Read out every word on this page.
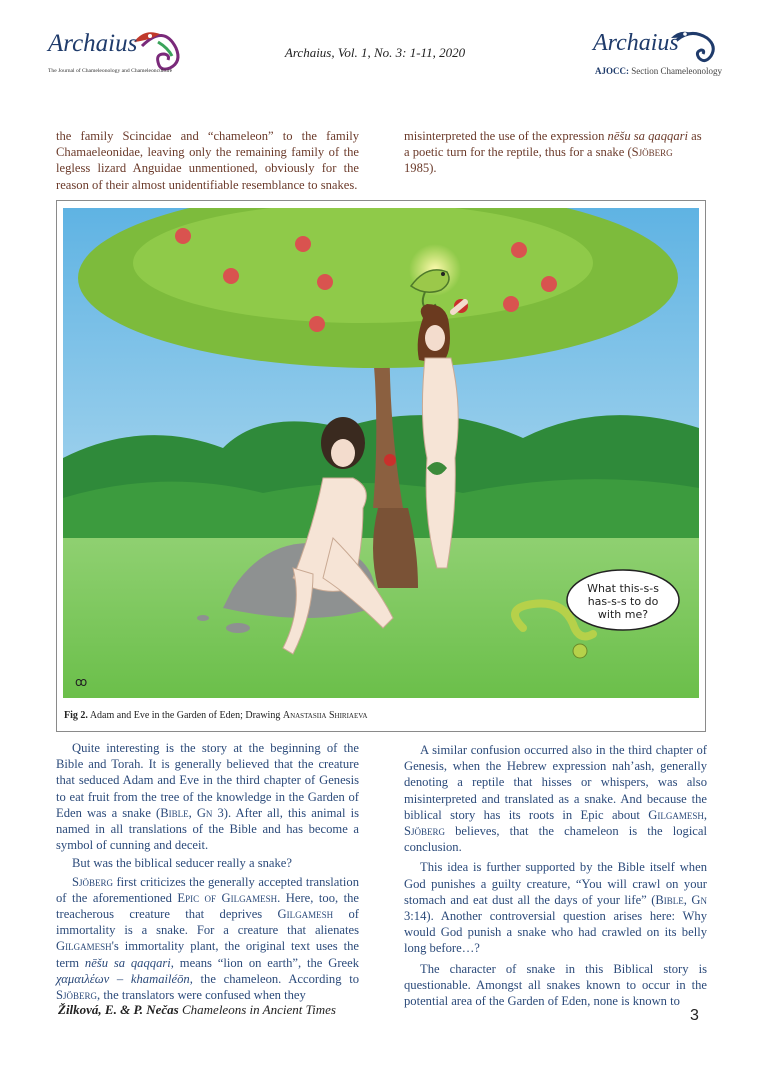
Archaius
The Journal of Chameleonology and Chameleonculture
Archaius, Vol. 1, No. 3: 1-11, 2020	Archaius
AJOCC: Section Chameleonology

the family Scincidae and “chameleon” to the family Chamaeleonidae, leaving only the remaining family of the legless lizard Anguidae unmentioned, obviously for the reason of their almost unidentifiable resemblance to snakes.

misinterpreted the use of the expression nēšu sa qaqqari as a poetic turn for the reptile, thus for a snake (Sjöberg 1985).

What this-s-s
has-s-s to do
with me?
ꝏ
Fig 2. Adam and Eve in the Garden of Eden; Drawing Anastasiia Shiriaeva

Quite interesting is the story at the beginning of the Bible and Torah. It is generally believed that the creature that seduced Adam and Eve in the third chapter of Genesis to eat fruit from the tree of the knowledge in the Garden of Eden was a snake (Bible, Gn 3). After all, this animal is named in all translations of the Bible and has become a symbol of cunning and deceit.

But was the biblical seducer really a snake?

Sjöberg first criticizes the generally accepted translation of the aforementioned Epic of Gilgamesh. Here, too, the treacherous creature that deprives Gilgamesh of immortality is a snake. For a creature that alienates Gilgamesh's immortality plant, the original text uses the term nēšu sa qaqqari, means “lion on earth”, the Greek χαμαιλέων – khamailéōn, the chameleon. According to Sjöberg, the translators were confused when they

A similar confusion occurred also in the third chapter of Genesis, when the Hebrew expression nah’ash, generally denoting a reptile that hisses or whispers, was also misinterpreted and translated as a snake. And because the biblical story has its roots in Epic about Gilgamesh, Sjöberg believes, that the chameleon is the logical conclusion.

This idea is further supported by the Bible itself when God punishes a guilty creature, “You will crawl on your stomach and eat dust all the days of your life” (Bible, Gn 3:14). Another controversial question arises here: Why would God punish a snake who had crawled on its belly long before…?

The character of snake in this Biblical story is questionable. Amongst all snakes known to occur in the potential area of the Garden of Eden, none is known to

Žilková, E. & P. Nečas Chameleons in Ancient Times	3
